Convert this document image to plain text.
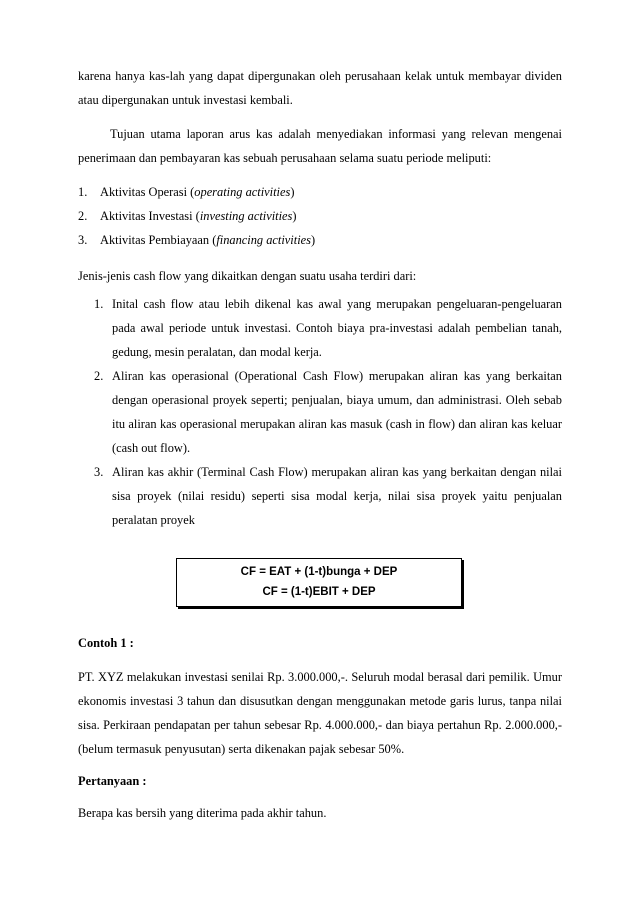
karena hanya kas-lah yang dapat dipergunakan oleh perusahaan kelak untuk membayar dividen atau dipergunakan untuk investasi kembali.

Tujuan utama laporan arus kas adalah menyediakan informasi yang relevan mengenai penerimaan dan pembayaran kas sebuah perusahaan selama suatu periode meliputi:

1.	Aktivitas Operasi (operating activities)
2.	Aktivitas Investasi (investing activities)
3.	Aktivitas Pembiayaan (financing activities)

Jenis-jenis cash flow yang dikaitkan dengan suatu usaha terdiri dari:

1. Inital cash flow atau lebih dikenal kas awal yang merupakan pengeluaran-pengeluaran pada awal periode untuk investasi. Contoh biaya pra-investasi adalah pembelian tanah, gedung, mesin peralatan, dan modal kerja.
2. Aliran kas operasional (Operational Cash Flow) merupakan aliran kas yang berkaitan dengan operasional proyek seperti; penjualan, biaya umum, dan administrasi. Oleh sebab itu aliran kas operasional merupakan aliran kas masuk (cash in flow) dan aliran kas keluar (cash out flow).
3. Aliran kas akhir (Terminal Cash Flow) merupakan aliran kas yang berkaitan dengan nilai sisa proyek (nilai residu) seperti sisa modal kerja, nilai sisa proyek yaitu penjualan peralatan proyek
CF = EAT + (1-t)bunga + DEP
CF = (1-t)EBIT + DEP

Contoh 1 :

PT. XYZ melakukan investasi senilai Rp. 3.000.000,-. Seluruh modal berasal dari pemilik. Umur ekonomis investasi 3 tahun dan disusutkan dengan menggunakan metode garis lurus, tanpa nilai sisa. Perkiraan pendapatan per tahun sebesar Rp. 4.000.000,- dan biaya pertahun Rp. 2.000.000,- (belum termasuk penyusutan) serta dikenakan pajak sebesar 50%.

Pertanyaan :

Berapa kas bersih yang diterima pada akhir tahun.
